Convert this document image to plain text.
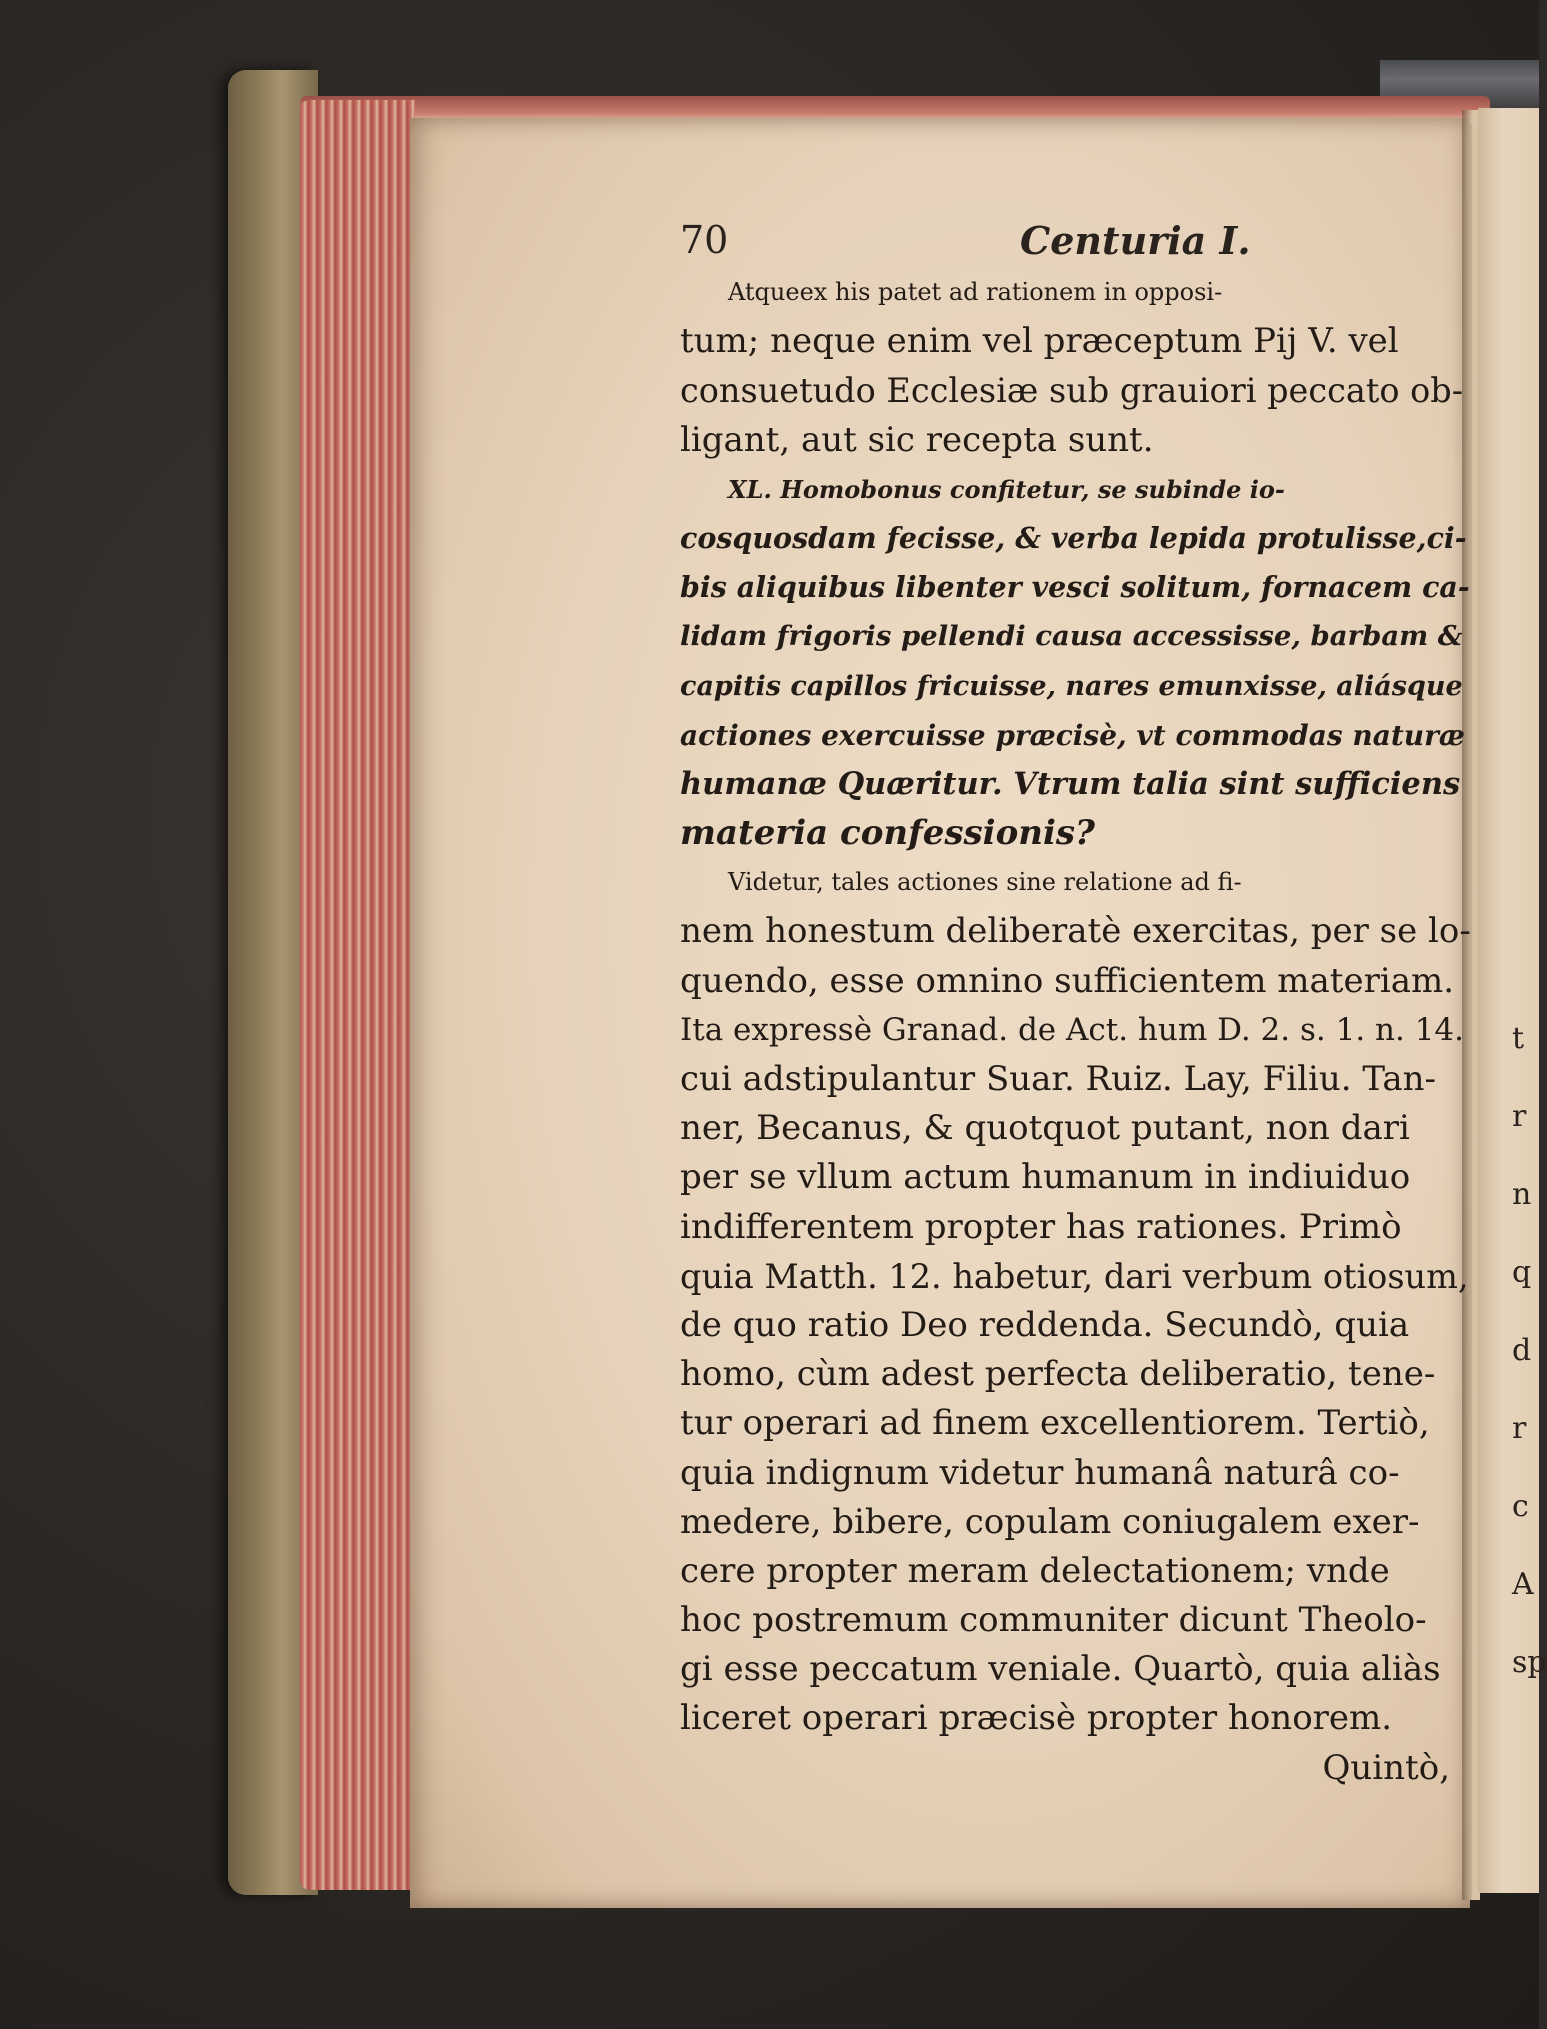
t
r
n
q
d
r
c
A
sp
70	Centuria I.
Atqueex his patet ad rationem in opposi-
tum; neque enim vel præceptum Pij V. vel
consuetudo Ecclesiæ sub grauiori peccato ob-
ligant, aut sic recepta sunt.
XL. Homobonus confitetur, se subinde io-
cosquosdam fecisse, & verba lepida protulisse,ci-
bis aliquibus libenter vesci solitum, fornacem ca-
lidam frigoris pellendi causa accessisse, barbam &
capitis capillos fricuisse, nares emunxisse, aliásque
actiones exercuisse præcisè, vt commodas naturæ
humanæ Quæritur. Vtrum talia sint sufficiens
materia confessionis?
Videtur, tales actiones sine relatione ad fi-
nem honestum deliberatè exercitas, per se lo-
quendo, esse omnino sufficientem materiam.
Ita expressè Granad. de Act. hum D. 2. s. 1. n. 14.
cui adstipulantur Suar. Ruiz. Lay, Filiu. Tan-
ner, Becanus, & quotquot putant, non dari
per se vllum actum humanum in indiuiduo
indifferentem propter has rationes. Primò
quia Matth. 12. habetur, dari verbum otiosum,
de quo ratio Deo reddenda. Secundò, quia
homo, cùm adest perfecta deliberatio, tene-
tur operari ad finem excellentiorem. Tertiò,
quia indignum videtur humanâ naturâ co-
medere, bibere, copulam coniugalem exer-
cere propter meram delectationem; vnde
hoc postremum communiter dicunt Theolo-
gi esse peccatum veniale. Quartò, quia aliàs
liceret operari præcisè propter honorem.
Quintò,
